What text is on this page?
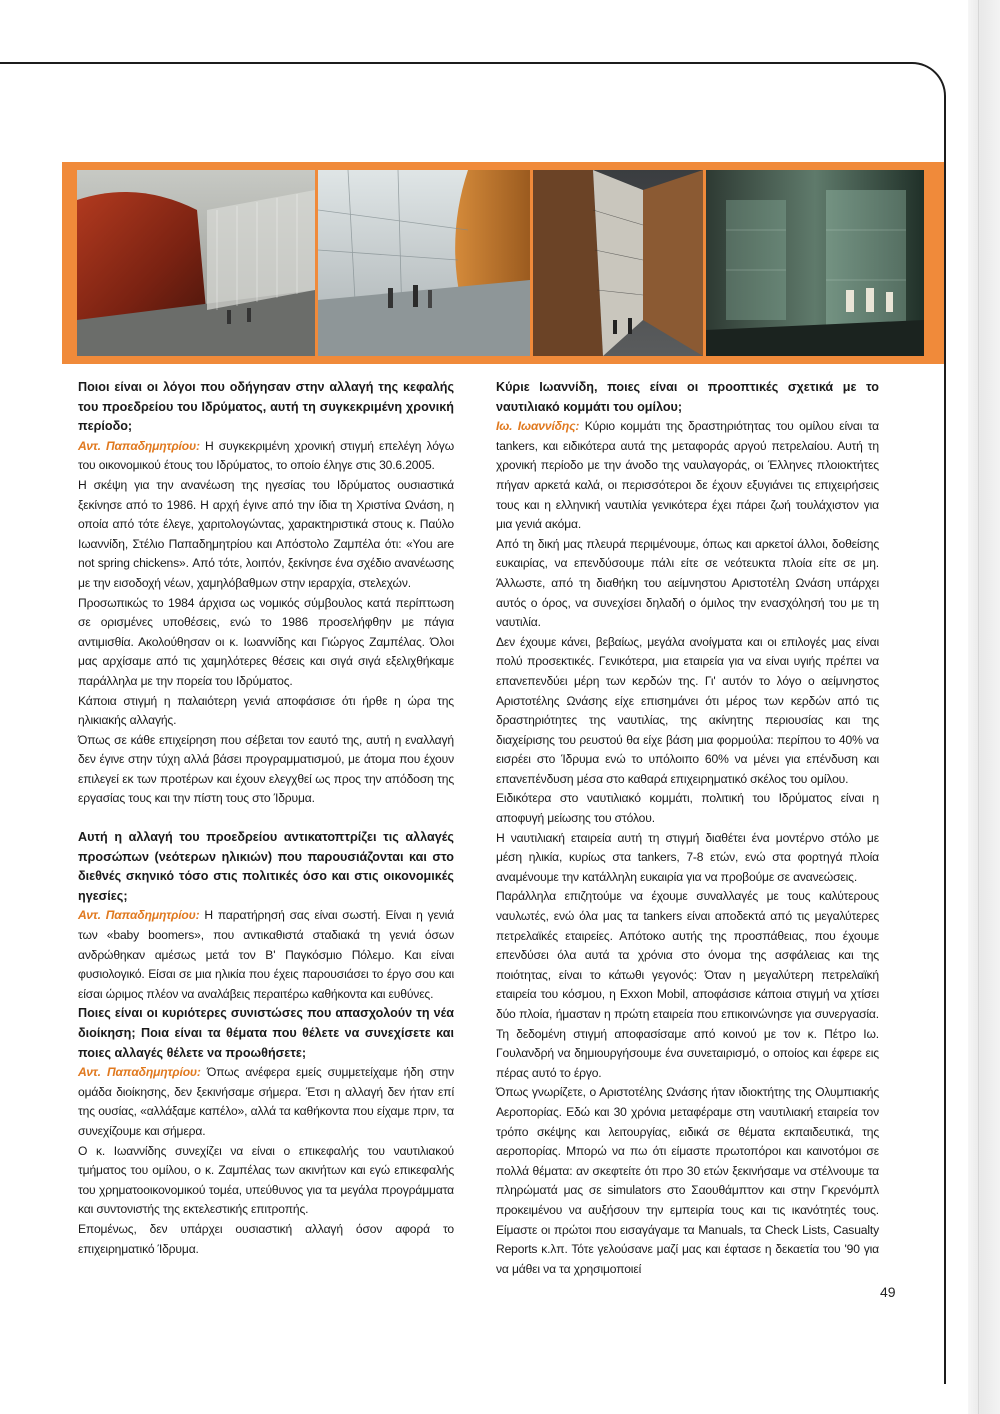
Ποιοι είναι οι λόγοι που οδήγησαν στην αλλαγή της κεφαλής του προεδρείου του Ιδρύματος, αυτή τη συγκεκριμένη χρονική περίοδο;

Αντ. Παπαδημητρίου: Η συγκεκριμένη χρονική στιγμή επελέγη λόγω του οικονομικού έτους του Ιδρύματος, το οποίο έληγε στις 30.6.2005.

Η σκέψη για την ανανέωση της ηγεσίας του Ιδρύματος ουσιαστικά ξεκίνησε από το 1986. Η αρχή έγινε από την ίδια τη Χριστίνα Ωνάση, η οποία από τότε έλεγε, χαριτολογώντας, χαρακτηριστικά στους κ. Παύλο Ιωαννίδη, Στέλιο Παπαδημητρίου και Απόστολο Ζαμπέλα ότι: «You are not spring chickens». Από τότε, λοιπόν, ξεκίνησε ένα σχέδιο ανανέωσης με την εισοδοχή νέων, χαμηλόβαθμων στην ιεραρχία, στελεχών.

Προσωπικώς το 1984 άρχισα ως νομικός σύμβουλος κατά περίπτωση σε ορισμένες υποθέσεις, ενώ το 1986 προσελήφθην με πάγια αντιμισθία. Ακολούθησαν οι κ. Ιωαννίδης και Γιώργος Ζαμπέλας. Όλοι μας αρχίσαμε από τις χαμηλότερες θέσεις και σιγά σιγά εξελιχθήκαμε παράλληλα με την πορεία του Ιδρύματος.

Κάποια στιγμή η παλαιότερη γενιά αποφάσισε ότι ήρθε η ώρα της ηλικιακής αλλαγής.

Όπως σε κάθε επιχείρηση που σέβεται τον εαυτό της, αυτή η εναλλαγή δεν έγινε στην τύχη αλλά βάσει προγραμματισμού, με άτομα που έχουν επιλεγεί εκ των προτέρων και έχουν ελεγχθεί ως προς την απόδοση της εργασίας τους και την πίστη τους στο Ίδρυμα.

Αυτή η αλλαγή του προεδρείου αντικατοπτρίζει τις αλλαγές προσώπων (νεότερων ηλικιών) που παρουσιάζονται και στο διεθνές σκηνικό τόσο στις πολιτικές όσο και στις οικονομικές ηγεσίες;

Αντ. Παπαδημητρίου: Η παρατήρησή σας είναι σωστή. Είναι η γενιά των «baby boomers», που αντικαθιστά σταδιακά τη γενιά όσων ανδρώθηκαν αμέσως μετά τον Β' Παγκόσμιο Πόλεμο. Και είναι φυσιολογικό. Είσαι σε μια ηλικία που έχεις παρουσιάσει το έργο σου και είσαι ώριμος πλέον να αναλάβεις περαιτέρω καθήκοντα και ευθύνες.

Ποιες είναι οι κυριότερες συνιστώσες που απασχολούν τη νέα διοίκηση; Ποια είναι τα θέματα που θέλετε να συνεχίσετε και ποιες αλλαγές θέλετε να προωθήσετε;

Αντ. Παπαδημητρίου: Όπως ανέφερα εμείς συμμετείχαμε ήδη στην ομάδα διοίκησης, δεν ξεκινήσαμε σήμερα. Έτσι η αλλαγή δεν ήταν επί της ουσίας, «αλλάξαμε καπέλο», αλλά τα καθήκοντα που είχαμε πριν, τα συνεχίζουμε και σήμερα.

Ο κ. Ιωαννίδης συνεχίζει να είναι ο επικεφαλής του ναυτιλιακού τμήματος του ομίλου, ο κ. Ζαμπέλας των ακινήτων και εγώ επικεφαλής του χρηματοοικονομικού τομέα, υπεύθυνος για τα μεγάλα προγράμματα και συντονιστής της εκτελεστικής επιτροπής.

Επομένως, δεν υπάρχει ουσιαστική αλλαγή όσον αφορά το επιχειρηματικό Ίδρυμα.

Κύριε Ιωαννίδη, ποιες είναι οι προοπτικές σχετικά με το ναυτιλιακό κομμάτι του ομίλου;

Ιω. Ιωαννίδης: Κύριο κομμάτι της δραστηριότητας του ομίλου είναι τα tankers, και ειδικότερα αυτά της μεταφοράς αργού πετρελαίου. Αυτή τη χρονική περίοδο με την άνοδο της ναυλαγοράς, οι Έλληνες πλοιοκτήτες πήγαν αρκετά καλά, οι περισσότεροι δε έχουν εξυγιάνει τις επιχειρήσεις τους και η ελληνική ναυτιλία γενικότερα έχει πάρει ζωή τουλάχιστον για μια γενιά ακόμα.

Από τη δική μας πλευρά περιμένουμε, όπως και αρκετοί άλλοι, δοθείσης ευκαιρίας, να επενδύσουμε πάλι είτε σε νεότευκτα πλοία είτε σε μη. Άλλωστε, από τη διαθήκη του αείμνηστου Αριστοτέλη Ωνάση υπάρχει αυτός ο όρος, να συνεχίσει δηλαδή ο όμιλος την ενασχόλησή του με τη ναυτιλία.

Δεν έχουμε κάνει, βεβαίως, μεγάλα ανοίγματα και οι επιλογές μας είναι πολύ προσεκτικές. Γενικότερα, μια εταιρεία για να είναι υγιής πρέπει να επανεπενδύει μέρη των κερδών της. Γι' αυτόν το λόγο ο αείμνηστος Αριστοτέλης Ωνάσης είχε επισημάνει ότι μέρος των κερδών από τις δραστηριότητες της ναυτιλίας, της ακίνητης περιουσίας και της διαχείρισης του ρευστού θα είχε βάση μια φορμούλα: περίπου το 40% να εισρέει στο Ίδρυμα ενώ το υπόλοιπο 60% να μένει για επένδυση και επανεπένδυση μέσα στο καθαρά επιχειρηματικό σκέλος του ομίλου.

Ειδικότερα στο ναυτιλιακό κομμάτι, πολιτική του Ιδρύματος είναι η αποφυγή μείωσης του στόλου.

Η ναυτιλιακή εταιρεία αυτή τη στιγμή διαθέτει ένα μοντέρνο στόλο με μέση ηλικία, κυρίως στα tankers, 7-8 ετών, ενώ στα φορτηγά πλοία αναμένουμε την κατάλληλη ευκαιρία για να προβούμε σε ανανεώσεις.

Παράλληλα επιζητούμε να έχουμε συναλλαγές με τους καλύτερους ναυλωτές, ενώ όλα μας τα tankers είναι αποδεκτά από τις μεγαλύτερες πετρελαϊκές εταιρείες. Απότοκο αυτής της προσπάθειας, που έχουμε επενδύσει όλα αυτά τα χρόνια στο όνομα της ασφάλειας και της ποιότητας, είναι το κάτωθι γεγονός: Όταν η μεγαλύτερη πετρελαϊκή εταιρεία του κόσμου, η Exxon Mobil, αποφάσισε κάποια στιγμή να χτίσει δύο πλοία, ήμασταν η πρώτη εταιρεία που επικοινώνησε για συνεργασία. Τη δεδομένη στιγμή αποφασίσαμε από κοινού με τον κ. Πέτρο Ιω. Γουλανδρή να δημιουργήσουμε ένα συνεταιρισμό, ο οποίος και έφερε εις πέρας αυτό το έργο.

Όπως γνωρίζετε, ο Αριστοτέλης Ωνάσης ήταν ιδιοκτήτης της Ολυμπιακής Αεροπορίας. Εδώ και 30 χρόνια μεταφέραμε στη ναυτιλιακή εταιρεία τον τρόπο σκέψης και λειτουργίας, ειδικά σε θέματα εκπαιδευτικά, της αεροπορίας. Μπορώ να πω ότι είμαστε πρωτοπόροι και καινοτόμοι σε πολλά θέματα: αν σκεφτείτε ότι προ 30 ετών ξεκινήσαμε να στέλνουμε τα πληρώματά μας σε simulators στο Σαουθάμπτον και στην Γκρενόμπλ προκειμένου να αυξήσουν την εμπειρία τους και τις ικανότητές τους. Είμαστε οι πρώτοι που εισαγάγαμε τα Manuals, τα Check Lists, Casualty Reports κ.λπ. Τότε γελούσανε μαζί μας και έφτασε η δεκαετία του '90 για να μάθει να τα χρησιμοποιεί

49
